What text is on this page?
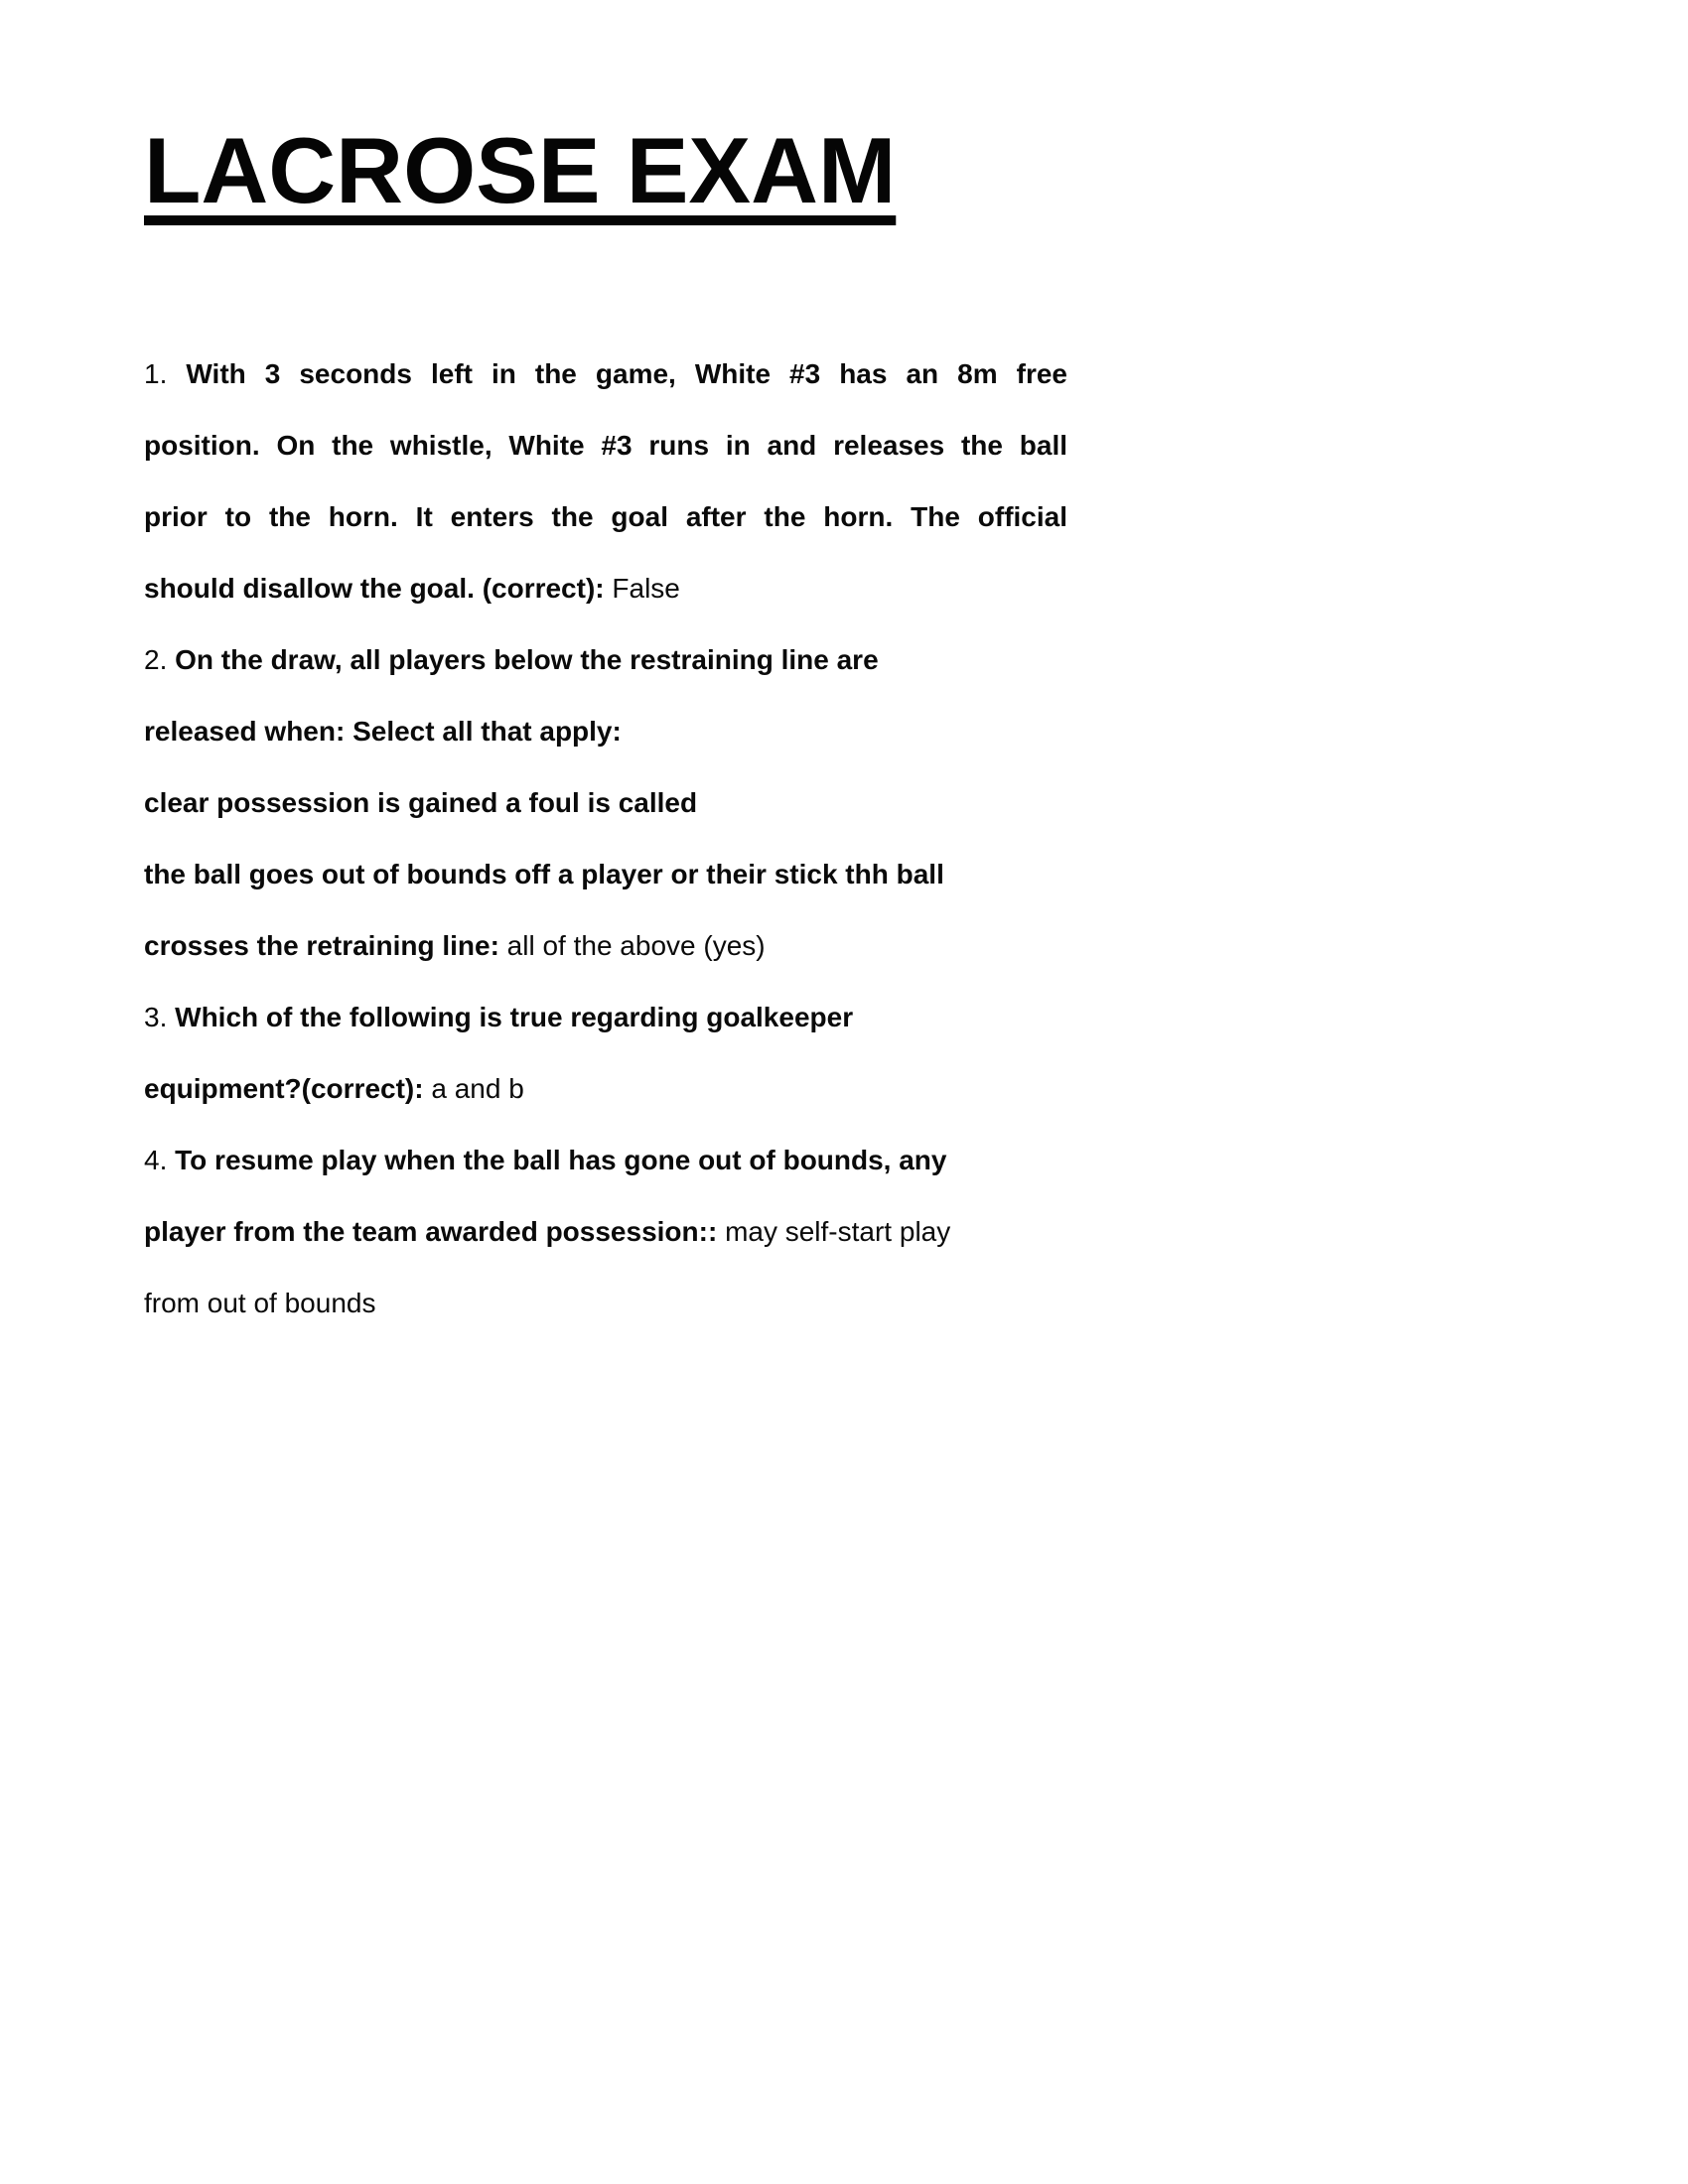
LACROSE EXAM
1. With 3 seconds left in the game, White #3 has an 8m free
position. On the whistle, White #3 runs in and releases the ball
prior to the horn. It enters the goal after the horn. The official
should disallow the goal. (correct): False
2. On the draw, all players below the restraining line are
released when: Select all that apply:
clear possession is gained a foul is called
the ball goes out of bounds off a player or their stick thh ball
crosses the retraining line: all of the above (yes)
3. Which of the following is true regarding goalkeeper
equipment?(correct): a and b
4. To resume play when the ball has gone out of bounds, any
player from the team awarded possession:: may self-start play
from out of bounds
